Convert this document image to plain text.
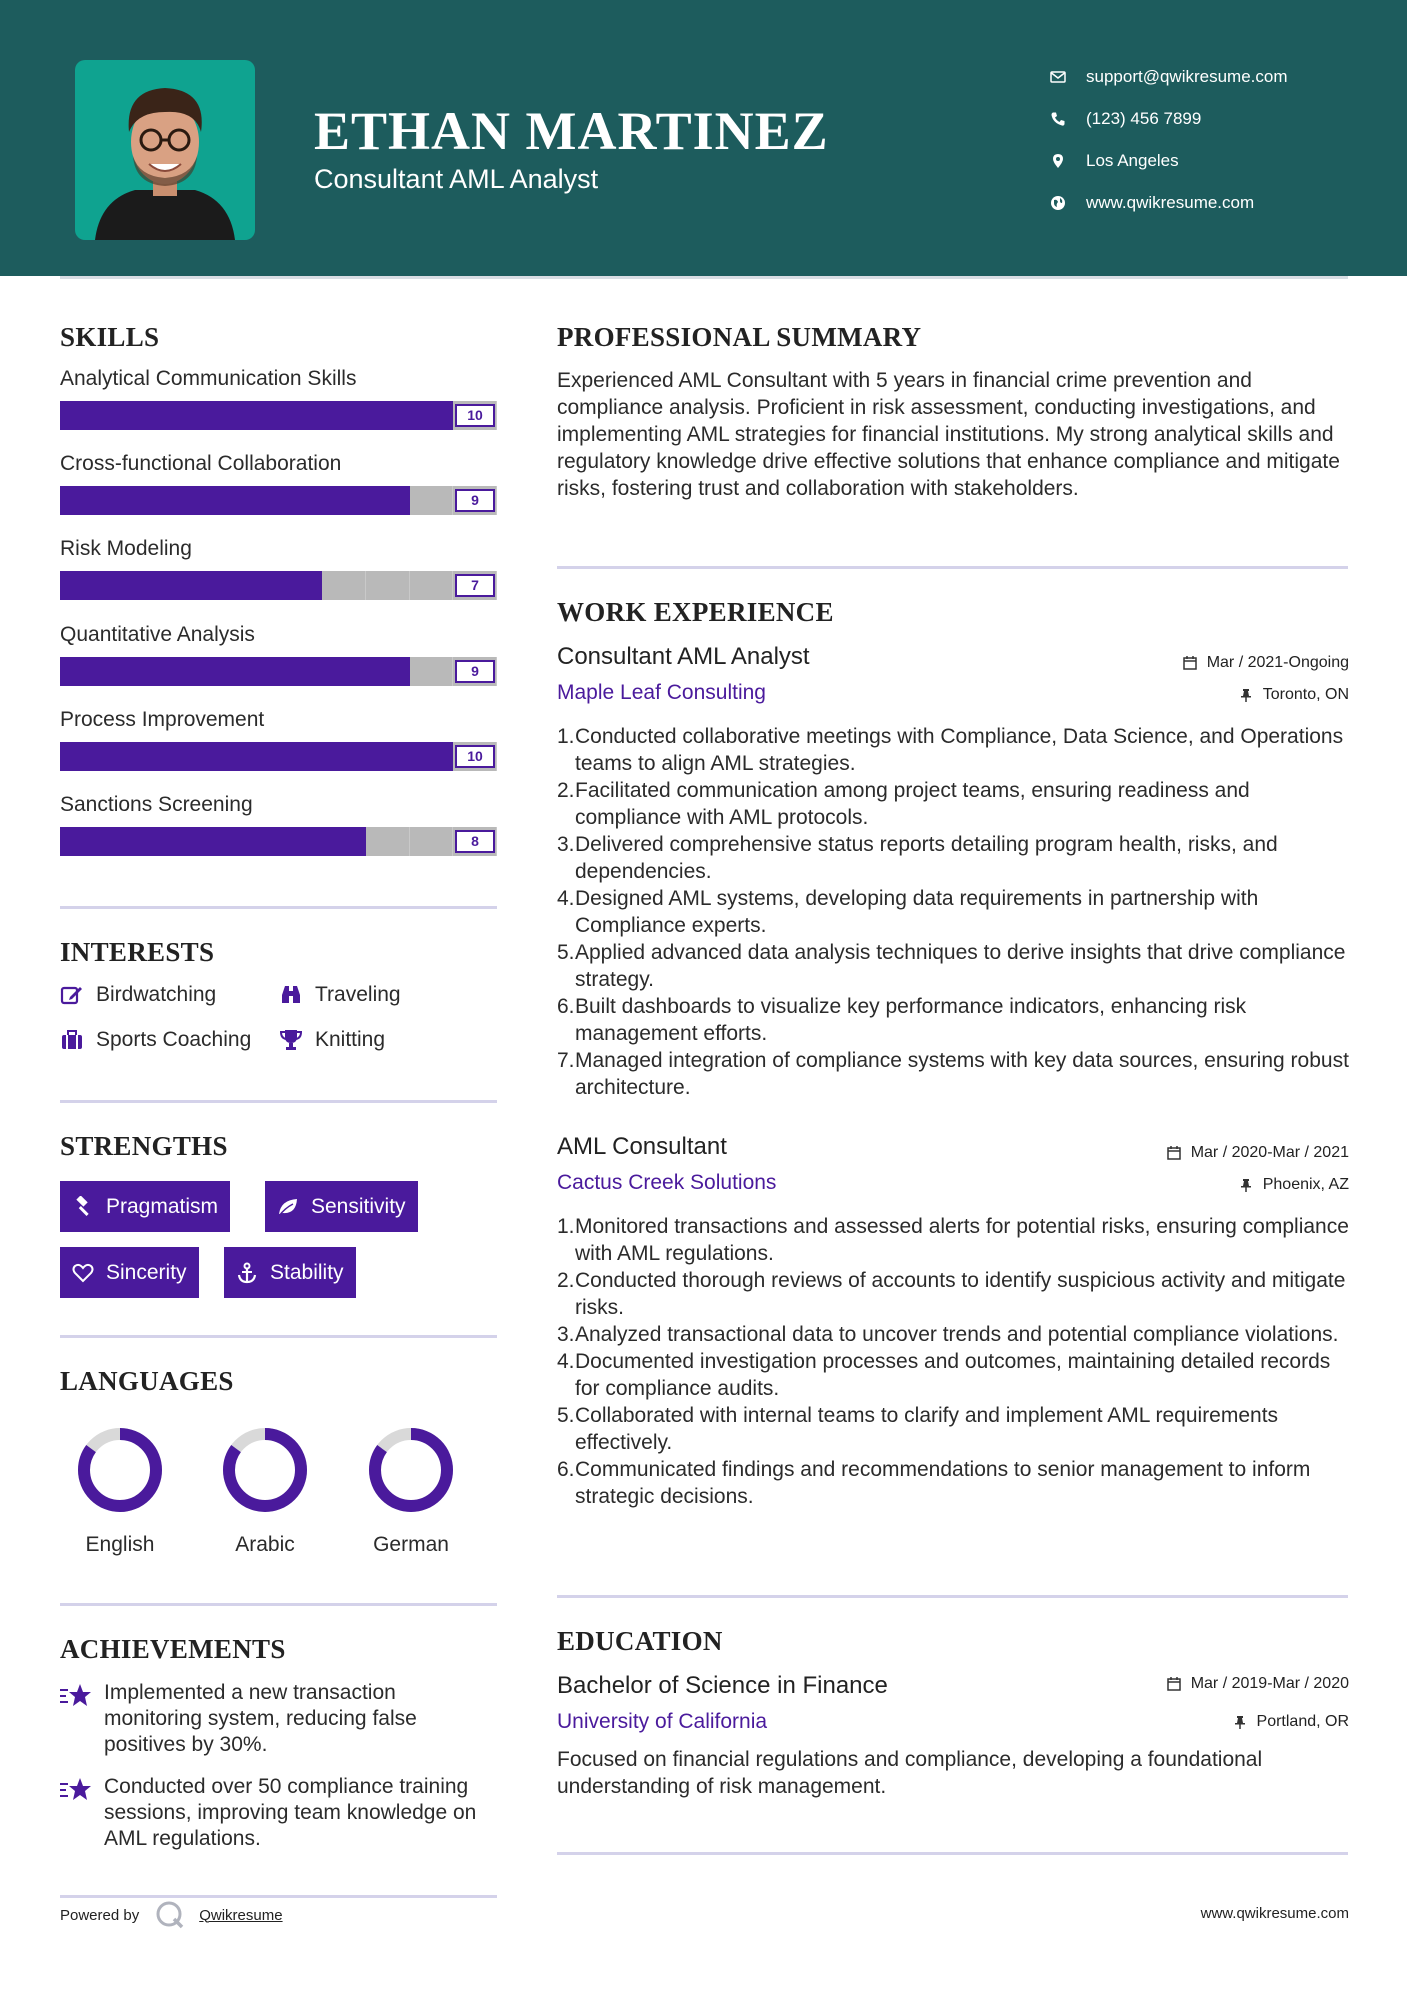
ETHAN MARTINEZ
Consultant AML Analyst
support@qwikresume.com
(123) 456 7899
Los Angeles
www.qwikresume.com
SKILLS
Analytical Communication Skills
10
Cross-functional Collaboration
9
Risk Modeling
7
Quantitative Analysis
9
Process Improvement
10
Sanctions Screening
8
INTERESTS
Birdwatching	Traveling
Sports Coaching	Knitting
STRENGTHS
Pragmatism	Sensitivity
Sincerity	Stability
LANGUAGES
English	Arabic	German
ACHIEVEMENTS
Implemented a new transaction monitoring system, reducing false positives by 30%.
Conducted over 50 compliance training sessions, improving team knowledge on AML regulations.
Powered by	Qwikresume	www.qwikresume.com
PROFESSIONAL SUMMARY
Experienced AML Consultant with 5 years in financial crime prevention and compliance analysis. Proficient in risk assessment, conducting investigations, and implementing AML strategies for financial institutions. My strong analytical skills and regulatory knowledge drive effective solutions that enhance compliance and mitigate risks, fostering trust and collaboration with stakeholders.
WORK EXPERIENCE
Consultant AML Analyst	Mar / 2021-Ongoing
Maple Leaf Consulting	Toronto, ON
1. Conducted collaborative meetings with Compliance, Data Science, and Operations teams to align AML strategies.
2. Facilitated communication among project teams, ensuring readiness and compliance with AML protocols.
3. Delivered comprehensive status reports detailing program health, risks, and dependencies.
4. Designed AML systems, developing data requirements in partnership with Compliance experts.
5. Applied advanced data analysis techniques to derive insights that drive compliance strategy.
6. Built dashboards to visualize key performance indicators, enhancing risk management efforts.
7. Managed integration of compliance systems with key data sources, ensuring robust architecture.
AML Consultant	Mar / 2020-Mar / 2021
Cactus Creek Solutions	Phoenix, AZ
1. Monitored transactions and assessed alerts for potential risks, ensuring compliance with AML regulations.
2. Conducted thorough reviews of accounts to identify suspicious activity and mitigate risks.
3. Analyzed transactional data to uncover trends and potential compliance violations.
4. Documented investigation processes and outcomes, maintaining detailed records for compliance audits.
5. Collaborated with internal teams to clarify and implement AML requirements effectively.
6. Communicated findings and recommendations to senior management to inform strategic decisions.
EDUCATION
Bachelor of Science in Finance	Mar / 2019-Mar / 2020
University of California	Portland, OR
Focused on financial regulations and compliance, developing a foundational understanding of risk management.
